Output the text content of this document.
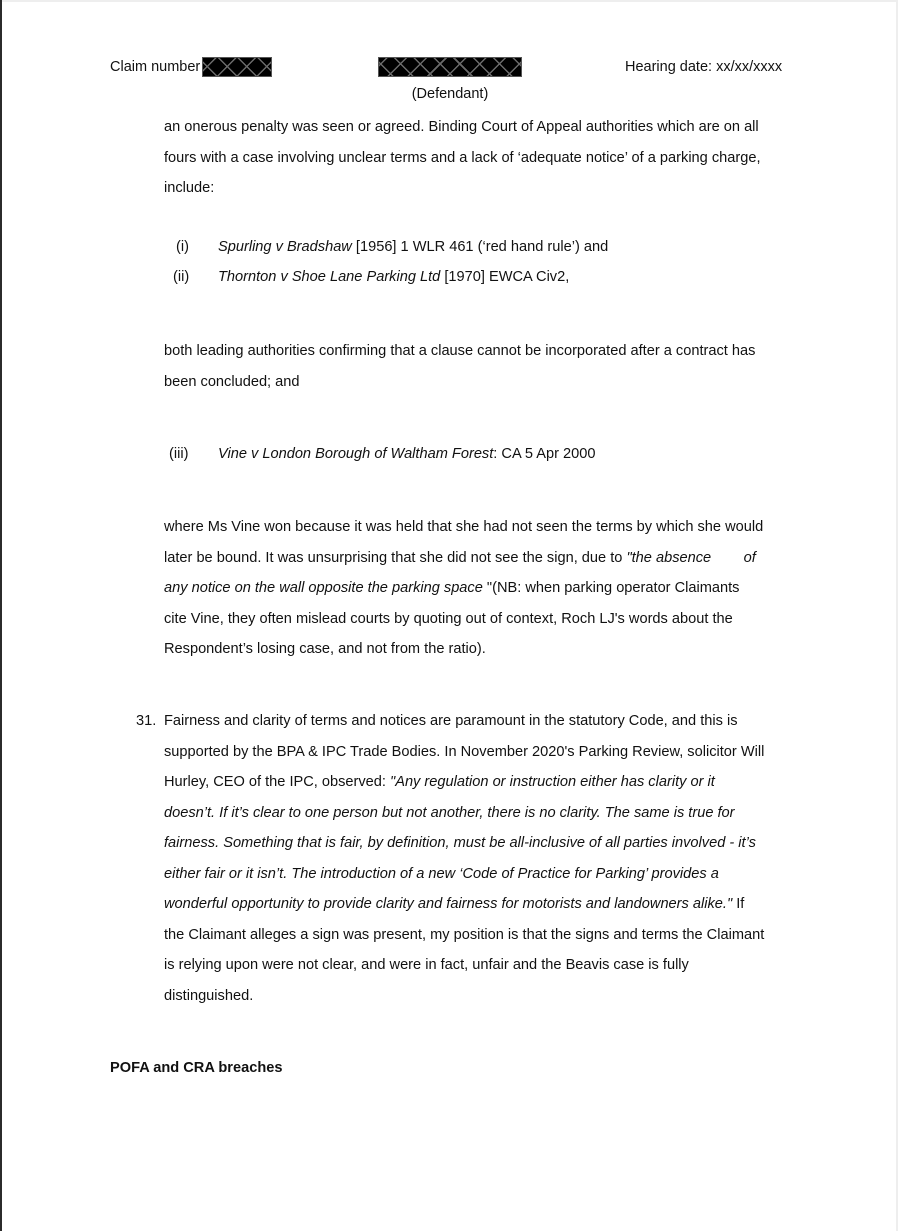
Claim number
(Defendant)
Hearing date: xx/xx/xxxx
an onerous penalty was seen or agreed. Binding Court of Appeal authorities which are on all
fours with a case involving unclear terms and a lack of ‘adequate notice’ of a parking charge,
include:
(i) Spurling v Bradshaw [1956] 1 WLR 461 (‘red hand rule’) and
(ii) Thornton v Shoe Lane Parking Ltd [1970] EWCA Civ2,
both leading authorities confirming that a clause cannot be incorporated after a contract has
been concluded; and
(iii) Vine v London Borough of Waltham Forest: CA 5 Apr 2000
where Ms Vine won because it was held that she had not seen the terms by which she would
later be bound. It was unsurprising that she did not see the sign, due to "the absence        of
any notice on the wall opposite the parking space "(NB: when parking operator Claimants
cite Vine, they often mislead courts by quoting out of context, Roch LJ's words about the
Respondent’s losing case, and not from the ratio).
31. Fairness and clarity of terms and notices are paramount in the statutory Code, and this is
supported by the BPA & IPC Trade Bodies. In November 2020's Parking Review, solicitor Will
Hurley, CEO of the IPC, observed: "Any regulation or instruction either has clarity or it
doesn’t. If it’s clear to one person but not another, there is no clarity. The same is true for
fairness. Something that is fair, by definition, must be all-inclusive of all parties involved - it’s
either fair or it isn’t. The introduction of a new ‘Code of Practice for Parking’ provides a
wonderful opportunity to provide clarity and fairness for motorists and landowners alike." If
the Claimant alleges a sign was present, my position is that the signs and terms the Claimant
is relying upon were not clear, and were in fact, unfair and the Beavis case is fully
distinguished.
POFA and CRA breaches
